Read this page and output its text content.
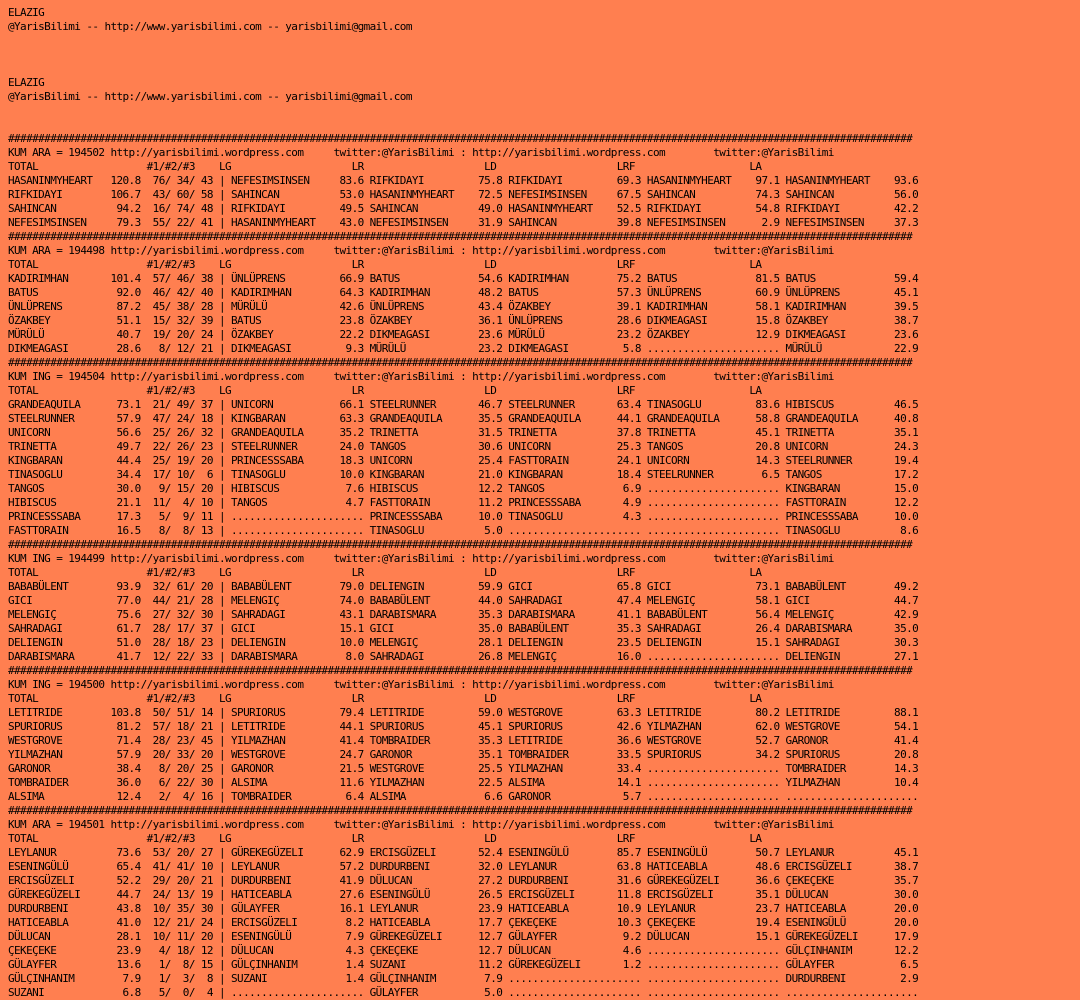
ELAZIG
@YarisBilimi -- http://www.yarisbilimi.com -- yarisbilimi@gmail.com
ELAZIG
@YarisBilimi -- http://www.yarisbilimi.com -- yarisbilimi@gmail.com
######################################################################################################################################################
KUM ARA = 194502 http://yarisbilimi.wordpress.com     twitter:@YarisBilimi : http://yarisbilimi.wordpress.com        twitter:@YarisBilimi
TOTAL                  #1/#2/#3    LG                    LR                    LD                    LRF                   LA
HASANINMYHEART   120.8  76/ 34/ 43 | NEFESIMSINSEN     83.6 RIFKIDAYI         75.8 RIFKIDAYI         69.3 HASANINMYHEART    97.1 HASANINMYHEART    93.6
RIFKIDAYI        106.7  43/ 60/ 58 | SAHINCAN          53.0 HASANINMYHEART    72.5 NEFESIMSINSEN     67.5 SAHINCAN          74.3 SAHINCAN          56.0
SAHINCAN          94.2  16/ 74/ 48 | RIFKIDAYI         49.5 SAHINCAN          49.0 HASANINMYHEART    52.5 RIFKIDAYI         54.8 RIFKIDAYI         42.2
NEFESIMSINSEN     79.3  55/ 22/ 41 | HASANINMYHEART    43.0 NEFESIMSINSEN     31.9 SAHINCAN          39.8 NEFESIMSINSEN      2.9 NEFESIMSINSEN     37.3
######################################################################################################################################################
KUM ARA = 194498 http://yarisbilimi.wordpress.com     twitter:@YarisBilimi : http://yarisbilimi.wordpress.com        twitter:@YarisBilimi
TOTAL                  #1/#2/#3    LG                    LR                    LD                    LRF                   LA
KADIRIMHAN       101.4  57/ 46/ 38 | ÜNLÜPRENS         66.9 BATUS             54.6 KADIRIMHAN        75.2 BATUS             81.5 BATUS             59.4
BATUS             92.0  46/ 42/ 40 | KADIRIMHAN        64.3 KADIRIMHAN        48.2 BATUS             57.3 ÜNLÜPRENS         60.9 ÜNLÜPRENS         45.1
ÜNLÜPRENS         87.2  45/ 38/ 28 | MÜRÜLÜ            42.6 ÜNLÜPRENS         43.4 ÖZAKBEY           39.1 KADIRIMHAN        58.1 KADIRIMHAN        39.5
ÖZAKBEY           51.1  15/ 32/ 39 | BATUS             23.8 ÖZAKBEY           36.1 ÜNLÜPRENS         28.6 DIKMEAGASI        15.8 ÖZAKBEY           38.7
MÜRÜLÜ            40.7  19/ 20/ 24 | ÖZAKBEY           22.2 DIKMEAGASI        23.6 MÜRÜLÜ            23.2 ÖZAKBEY           12.9 DIKMEAGASI        23.6
DIKMEAGASI        28.6   8/ 12/ 21 | DIKMEAGASI         9.3 MÜRÜLÜ            23.2 DIKMEAGASI         5.8 ...................... MÜRÜLÜ            22.9
######################################################################################################################################################
KUM ING = 194504 http://yarisbilimi.wordpress.com     twitter:@YarisBilimi : http://yarisbilimi.wordpress.com        twitter:@YarisBilimi
TOTAL                  #1/#2/#3    LG                    LR                    LD                    LRF                   LA
GRANDEAQUILA      73.1  21/ 49/ 37 | UNICORN           66.1 STEELRUNNER       46.7 STEELRUNNER       63.4 TINASOGLU         83.6 HIBISCUS          46.5
STEELRUNNER       57.9  47/ 24/ 18 | KINGBARAN         63.3 GRANDEAQUILA      35.5 GRANDEAQUILA      44.1 GRANDEAQUILA      58.8 GRANDEAQUILA      40.8
UNICORN           56.6  25/ 26/ 32 | GRANDEAQUILA      35.2 TRINETTA          31.5 TRINETTA          37.8 TRINETTA          45.1 TRINETTA          35.1
TRINETTA          49.7  22/ 26/ 23 | STEELRUNNER       24.0 TANGOS            30.6 UNICORN           25.3 TANGOS            20.8 UNICORN           24.3
KINGBARAN         44.4  25/ 19/ 20 | PRINCESSSABA      18.3 UNICORN           25.4 FASTTORAIN        24.1 UNICORN           14.3 STEELRUNNER       19.4
TINASOGLU         34.4  17/ 10/  6 | TINASOGLU         10.0 KINGBARAN         21.0 KINGBARAN         18.4 STEELRUNNER        6.5 TANGOS            17.2
TANGOS            30.0   9/ 15/ 20 | HIBISCUS           7.6 HIBISCUS          12.2 TANGOS             6.9 ...................... KINGBARAN         15.0
HIBISCUS          21.1  11/  4/ 10 | TANGOS             4.7 FASTTORAIN        11.2 PRINCESSSABA       4.9 ...................... FASTTORAIN        12.2
PRINCESSSABA      17.3   5/  9/ 11 | ...................... PRINCESSSABA      10.0 TINASOGLU          4.3 ...................... PRINCESSSABA      10.0
FASTTORAIN        16.5   8/  8/ 13 | ...................... TINASOGLU          5.0 ...................... ...................... TINASOGLU          8.6
######################################################################################################################################################
KUM ING = 194499 http://yarisbilimi.wordpress.com     twitter:@YarisBilimi : http://yarisbilimi.wordpress.com        twitter:@YarisBilimi
TOTAL                  #1/#2/#3    LG                    LR                    LD                    LRF                   LA
BABABÜLENT        93.9  32/ 61/ 20 | BABABÜLENT        79.0 DELIENGIN         59.9 GICI              65.8 GICI              73.1 BABABÜLENT        49.2
GICI              77.0  44/ 21/ 28 | MELENGIÇ          74.0 BABABÜLENT        44.0 SAHRADAGI         47.4 MELENGIÇ          58.1 GICI              44.7
MELENGIÇ          75.6  27/ 32/ 30 | SAHRADAGI         43.1 DARABISMARA       35.3 DARABISMARA       41.1 BABABÜLENT        56.4 MELENGIÇ          42.9
SAHRADAGI         61.7  28/ 17/ 37 | GICI              15.1 GICI              35.0 BABABÜLENT        35.3 SAHRADAGI         26.4 DARABISMARA       35.0
DELIENGIN         51.0  28/ 18/ 23 | DELIENGIN         10.0 MELENGIÇ          28.1 DELIENGIN         23.5 DELIENGIN         15.1 SAHRADAGI         30.3
DARABISMARA       41.7  12/ 22/ 33 | DARABISMARA        8.0 SAHRADAGI         26.8 MELENGIÇ          16.0 ...................... DELIENGIN         27.1
######################################################################################################################################################
KUM ING = 194500 http://yarisbilimi.wordpress.com     twitter:@YarisBilimi : http://yarisbilimi.wordpress.com        twitter:@YarisBilimi
TOTAL                  #1/#2/#3    LG                    LR                    LD                    LRF                   LA
LETITRIDE        103.8  50/ 51/ 14 | SPURIORUS         79.4 LETITRIDE         59.0 WESTGROVE         63.3 LETITRIDE         80.2 LETITRIDE         88.1
SPURIORUS         81.2  57/ 18/ 21 | LETITRIDE         44.1 SPURIORUS         45.1 SPURIORUS         42.6 YILMAZHAN         62.0 WESTGROVE         54.1
WESTGROVE         71.4  28/ 23/ 45 | YILMAZHAN         41.4 TOMBRAIDER        35.3 LETITRIDE         36.6 WESTGROVE         52.7 GARONOR           41.4
YILMAZHAN         57.9  20/ 33/ 20 | WESTGROVE         24.7 GARONOR           35.1 TOMBRAIDER        33.5 SPURIORUS         34.2 SPURIORUS         20.8
GARONOR           38.4   8/ 20/ 25 | GARONOR           21.5 WESTGROVE         25.5 YILMAZHAN         33.4 ...................... TOMBRAIDER        14.3
TOMBRAIDER        36.0   6/ 22/ 30 | ALSIMA            11.6 YILMAZHAN         22.5 ALSIMA            14.1 ...................... YILMAZHAN         10.4
ALSIMA            12.4   2/  4/ 16 | TOMBRAIDER         6.4 ALSIMA             6.6 GARONOR            5.7 ...................... ......................
######################################################################################################################################################
KUM ARA = 194501 http://yarisbilimi.wordpress.com     twitter:@YarisBilimi : http://yarisbilimi.wordpress.com        twitter:@YarisBilimi
TOTAL                  #1/#2/#3    LG                    LR                    LD                    LRF                   LA
LEYLANUR          73.6  53/ 20/ 27 | GÜREKEGÜZELI      62.9 ERCISGÜZELI       52.4 ESENINGÜLÜ        85.7 ESENINGÜLÜ        50.7 LEYLANUR          45.1
ESENINGÜLÜ        65.4  41/ 41/ 10 | LEYLANUR          57.2 DURDURBENI        32.0 LEYLANUR          63.8 HATICEABLA        48.6 ERCISGÜZELI       38.7
ERCISGÜZELI       52.2  29/ 20/ 21 | DURDURBENI        41.9 DÜLUCAN           27.2 DURDURBENI        31.6 GÜREKEGÜZELI      36.6 ÇEKEÇEKE          35.7
GÜREKEGÜZELI      44.7  24/ 13/ 19 | HATICEABLA        27.6 ESENINGÜLÜ        26.5 ERCISGÜZELI       11.8 ERCISGÜZELI       35.1 DÜLUCAN           30.0
DURDURBENI        43.8  10/ 35/ 30 | GÜLAYFER          16.1 LEYLANUR          23.9 HATICEABLA        10.9 LEYLANUR          23.7 HATICEABLA        20.0
HATICEABLA        41.0  12/ 21/ 24 | ERCISGÜZELI        8.2 HATICEABLA        17.7 ÇEKEÇEKE          10.3 ÇEKEÇEKE          19.4 ESENINGÜLÜ        20.0
DÜLUCAN           28.1  10/ 11/ 20 | ESENINGÜLÜ         7.9 GÜREKEGÜZELI      12.7 GÜLAYFER           9.2 DÜLUCAN           15.1 GÜREKEGÜZELI      17.9
ÇEKEÇEKE          23.9   4/ 18/ 12 | DÜLUCAN            4.3 ÇEKEÇEKE          12.7 DÜLUCAN            4.6 ...................... GÜLÇINHANIM       12.2
GÜLAYFER          13.6   1/  8/ 15 | GÜLÇINHANIM        1.4 SUZANI            11.2 GÜREKEGÜZELI       1.2 ...................... GÜLAYFER           6.5
GÜLÇINHANIM        7.9   1/  3/  8 | SUZANI             1.4 GÜLÇINHANIM        7.9 ...................... ...................... DURDURBENI         2.9
SUZANI             6.8   5/  0/  4 | ...................... GÜLAYFER           5.0 ...................... ...................... ......................
